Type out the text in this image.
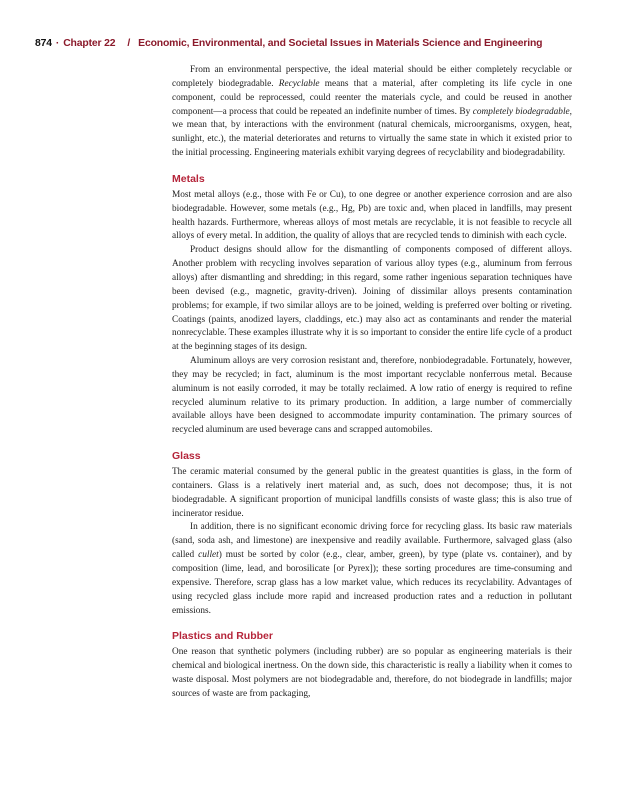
874 · Chapter 22 / Economic, Environmental, and Societal Issues in Materials Science and Engineering

From an environmental perspective, the ideal material should be either completely recyclable or completely biodegradable. Recyclable means that a material, after completing its life cycle in one component, could be reprocessed, could reenter the materials cycle, and could be reused in another component—a process that could be repeated an indefinite number of times. By completely biodegradable, we mean that, by interactions with the environment (natural chemicals, microorganisms, oxygen, heat, sunlight, etc.), the material deteriorates and returns to virtually the same state in which it existed prior to the initial processing. Engineering materials exhibit varying degrees of recyclability and biodegradability.

Metals

Most metal alloys (e.g., those with Fe or Cu), to one degree or another experience corrosion and are also biodegradable. However, some metals (e.g., Hg, Pb) are toxic and, when placed in landfills, may present health hazards. Furthermore, whereas alloys of most metals are recyclable, it is not feasible to recycle all alloys of every metal. In addition, the quality of alloys that are recycled tends to diminish with each cycle.

Product designs should allow for the dismantling of components composed of different alloys. Another problem with recycling involves separation of various alloy types (e.g., aluminum from ferrous alloys) after dismantling and shredding; in this regard, some rather ingenious separation techniques have been devised (e.g., magnetic, gravity-driven). Joining of dissimilar alloys presents contamination problems; for example, if two similar alloys are to be joined, welding is preferred over bolting or riveting. Coatings (paints, anodized layers, claddings, etc.) may also act as contaminants and render the material nonrecyclable. These examples illustrate why it is so important to consider the entire life cycle of a product at the beginning stages of its design.

Aluminum alloys are very corrosion resistant and, therefore, nonbiodegradable. Fortunately, however, they may be recycled; in fact, aluminum is the most important recyclable nonferrous metal. Because aluminum is not easily corroded, it may be totally reclaimed. A low ratio of energy is required to refine recycled aluminum relative to its primary production. In addition, a large number of commercially available alloys have been designed to accommodate impurity contamination. The primary sources of recycled aluminum are used beverage cans and scrapped automobiles.

Glass

The ceramic material consumed by the general public in the greatest quantities is glass, in the form of containers. Glass is a relatively inert material and, as such, does not decompose; thus, it is not biodegradable. A significant proportion of municipal landfills consists of waste glass; this is also true of incinerator residue.

In addition, there is no significant economic driving force for recycling glass. Its basic raw materials (sand, soda ash, and limestone) are inexpensive and readily available. Furthermore, salvaged glass (also called cullet) must be sorted by color (e.g., clear, amber, green), by type (plate vs. container), and by composition (lime, lead, and borosilicate [or Pyrex]); these sorting procedures are time-consuming and expensive. Therefore, scrap glass has a low market value, which reduces its recyclability. Advantages of using recycled glass include more rapid and increased production rates and a reduction in pollutant emissions.

Plastics and Rubber

One reason that synthetic polymers (including rubber) are so popular as engineering materials is their chemical and biological inertness. On the down side, this characteristic is really a liability when it comes to waste disposal. Most polymers are not biodegradable and, therefore, do not biodegrade in landfills; major sources of waste are from packaging,
